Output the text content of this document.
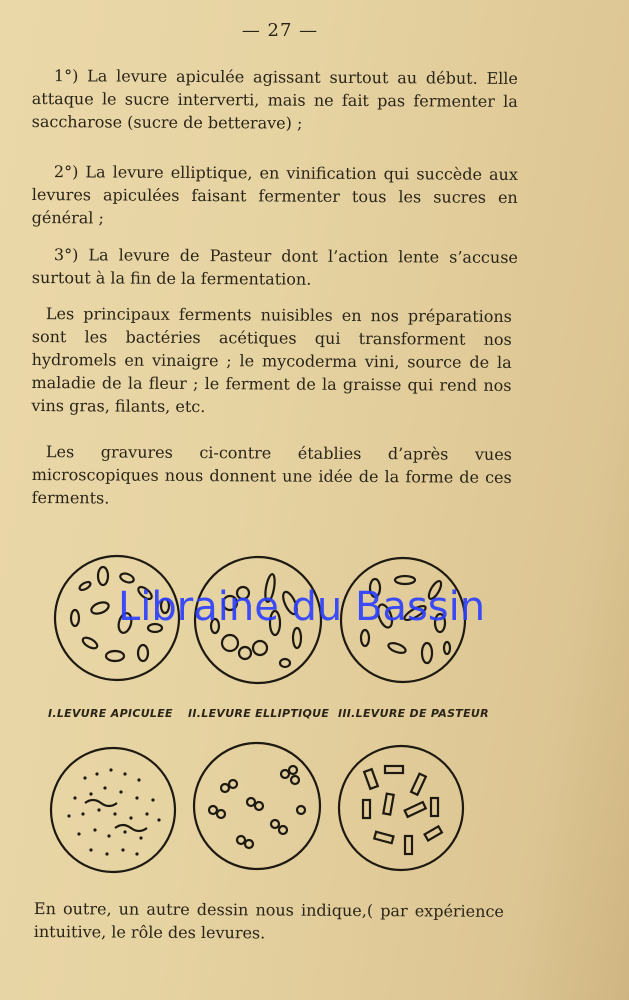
— 27 —
1°) La levure apiculée agissant surtout au début. Elle attaque le sucre interverti, mais ne fait pas fermenter la saccharose (sucre de betterave) ;
2°) La levure elliptique, en vinification qui succède aux levures apiculées faisant fermenter tous les sucres en général ;
3°) La levure de Pasteur dont l’action lente s’accuse surtout à la fin de la fermentation.
Les principaux ferments nuisibles en nos préparations sont les bactéries acétiques qui transforment nos hydromels en vinaigre ; le mycoderma vini, source de la maladie de la fleur ; le ferment de la graisse qui rend nos vins gras, filants, etc.
Les gravures ci-contre établies d’après vues microscopiques nous donnent une idée de la forme de ces ferments.
I.LEVURE APICULEE II.LEVURE ELLIPTIQUE III.LEVURE DE PASTEUR
Libraine du Bassin
En outre, un autre dessin nous indique,( par expérience intuitive, le rôle des levures.
